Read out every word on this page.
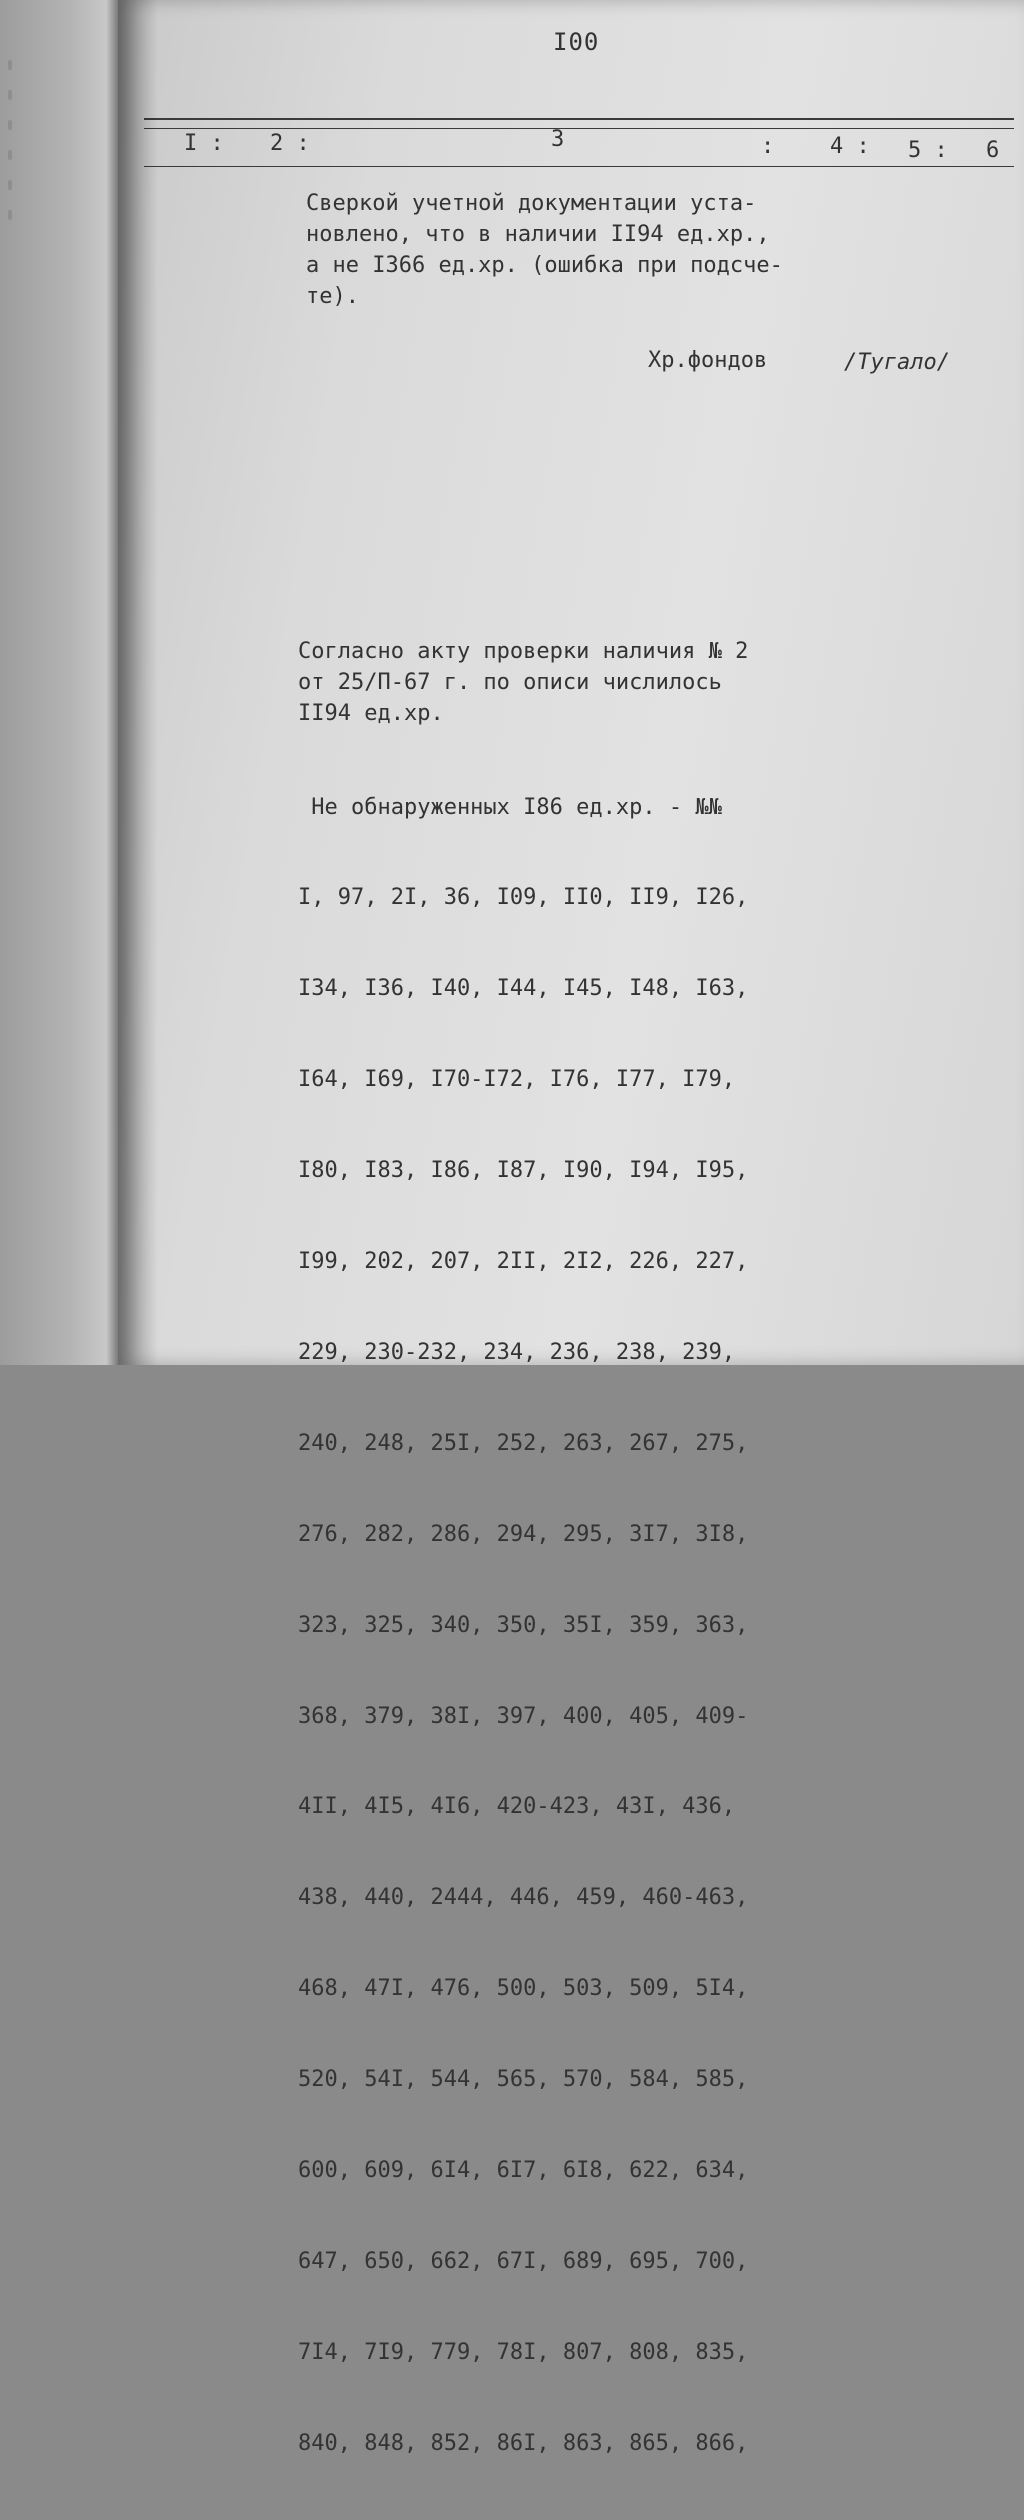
I00
I : 2 :	3	:	4 : 5 : 6
Сверкой учетной документации уста-
новлено, что в наличии II94 ед.хр.,
а не I366 ед.хр. (ошибка при подсче-
те).
Хр.фондов	/Тугало/
Согласно акту проверки наличия № 2
от 25/П-67 г. по описи числилось
II94 ед.хр.

Не обнаруженных I86 ед.хр. - №№

I, 97, 2I, 36, I09, II0, II9, I26,

I34, I36, I40, I44, I45, I48, I63,

I64, I69, I70-I72, I76, I77, I79,

I80, I83, I86, I87, I90, I94, I95,

I99, 202, 207, 2II, 2I2, 226, 227,

229, 230-232, 234, 236, 238, 239,

240, 248, 25I, 252, 263, 267, 275,

276, 282, 286, 294, 295, 3I7, 3I8,

323, 325, 340, 350, 35I, 359, 363,

368, 379, 38I, 397, 400, 405, 409-

4II, 4I5, 4I6, 420-423, 43I, 436,

438, 440, 2444, 446, 459, 460-463,

468, 47I, 476, 500, 503, 509, 5I4,

520, 54I, 544, 565, 570, 584, 585,

600, 609, 6I4, 6I7, 6I8, 622, 634,

647, 650, 662, 67I, 689, 695, 700,

7I4, 7I9, 779, 78I, 807, 808, 835,

840, 848, 852, 86I, 863, 865, 866,
